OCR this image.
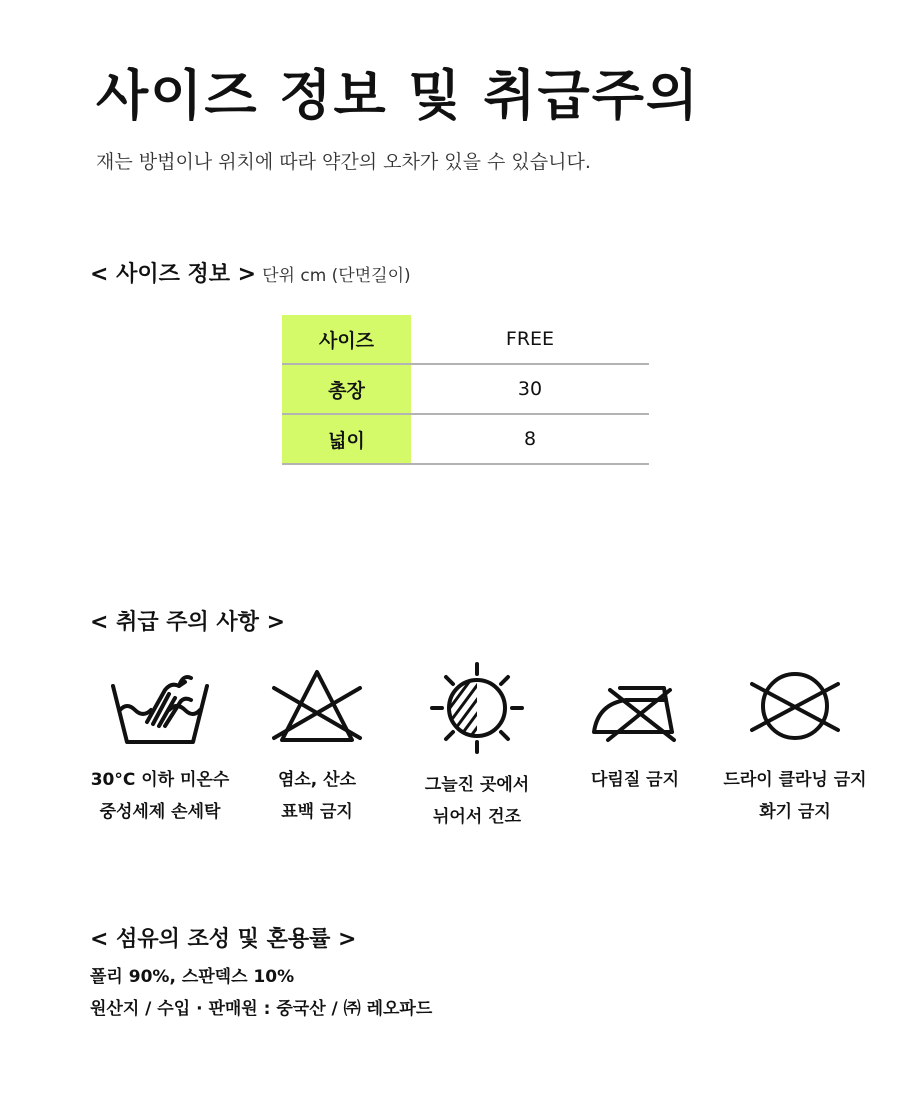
사이즈 정보 및 취급주의
재는 방법이나 위치에 따라 약간의 오차가 있을 수 있습니다.
< 사이즈 정보 > 단위 cm (단면길이)
사이즈	FREE
총장	30
넓이	8
< 취급 주의 사항 >
30°C 이하 미온수
중성세제 손세탁
염소, 산소
표백 금지
그늘진 곳에서
뉘어서 건조
다림질 금지	드라이 클라닝 금지
화기 금지
< 섬유의 조성 및 혼용률 >
폴리 90%, 스판덱스 10%
원산지 / 수입 · 판매원 : 중국산 / ㈜ 레오파드
